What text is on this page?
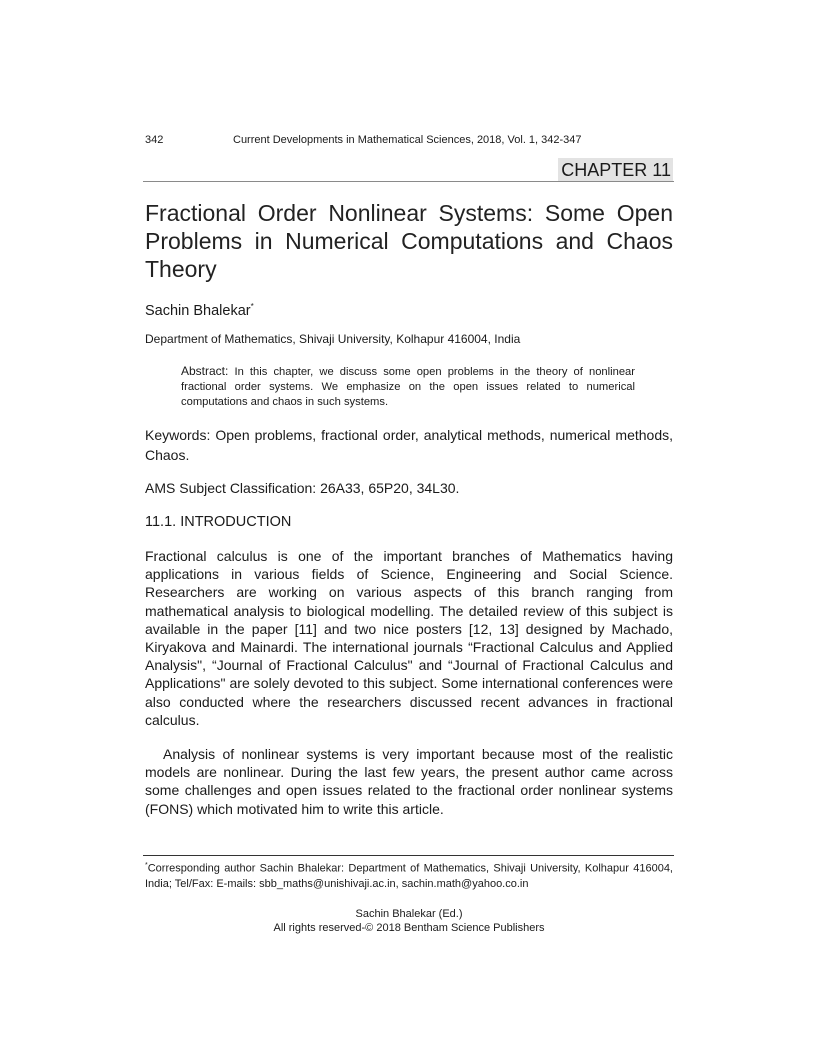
342	Current Developments in Mathematical Sciences, 2018, Vol. 1, 342-347
CHAPTER 11
Fractional Order Nonlinear Systems: Some Open Problems in Numerical Computations and Chaos Theory
Sachin Bhalekar*
Department of Mathematics, Shivaji University, Kolhapur 416004, India
Abstract: In this chapter, we discuss some open problems in the theory of nonlinear fractional order systems. We emphasize on the open issues related to numerical computations and chaos in such systems.
Keywords: Open problems, fractional order, analytical methods, numerical methods, Chaos.
AMS Subject Classification: 26A33, 65P20, 34L30.
11.1. INTRODUCTION
Fractional calculus is one of the important branches of Mathematics having applications in various fields of Science, Engineering and Social Science. Researchers are working on various aspects of this branch ranging from mathematical analysis to biological modelling. The detailed review of this subject is available in the paper [11] and two nice posters [12, 13] designed by Machado, Kiryakova and Mainardi. The international journals “Fractional Calculus and Applied Analysis", “Journal of Fractional Calculus" and “Journal of Fractional Calculus and Applications" are solely devoted to this subject. Some international conferences were also conducted where the researchers discussed recent advances in fractional calculus.
Analysis of nonlinear systems is very important because most of the realistic models are nonlinear. During the last few years, the present author came across some challenges and open issues related to the fractional order nonlinear systems (FONS) which motivated him to write this article.
*Corresponding author Sachin Bhalekar: Department of Mathematics, Shivaji University, Kolhapur 416004, India; Tel/Fax: E-mails: sbb_maths@unishivaji.ac.in, sachin.math@yahoo.co.in
Sachin Bhalekar (Ed.)
All rights reserved-© 2018 Bentham Science Publishers
